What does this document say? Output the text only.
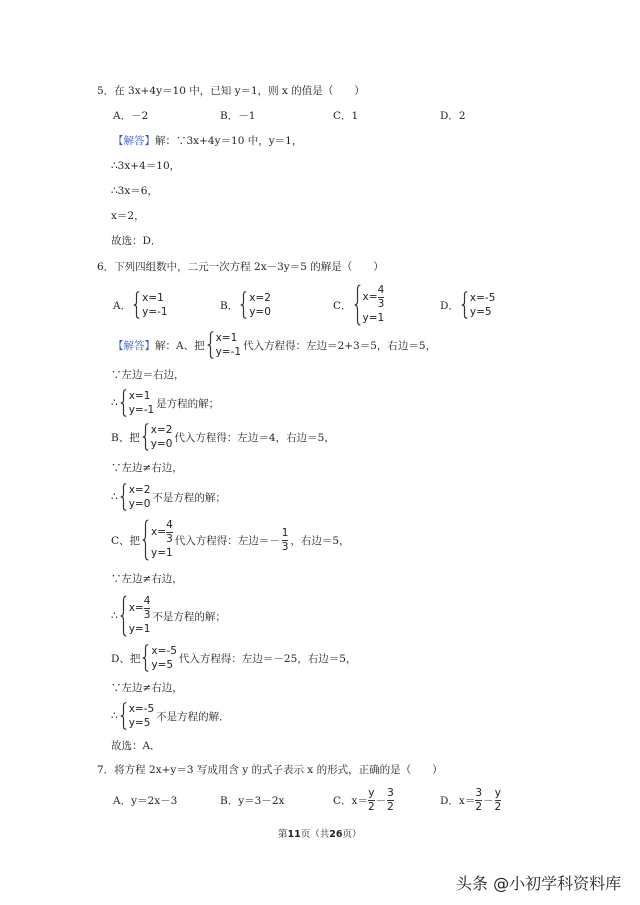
5．在 3x+4y＝10 中，已知 y＝1，则 x 的值是（　　）
A．－2	B．－1	C．1	D．2
【解答】 解：∵3x+4y＝10 中，y＝1，
∴3x+4＝10，
∴3x＝6，
x＝2，
故选：D．
6．下列四组数中，二元一次方程 2x－3y＝5 的解是（　　）
A．
x=1
y=-1
B．
x=2
y=0
C．
$x= \frac{4}{3}$
y=1
D．
x=-5
y=5
【解答】 解：A、把
x=1
y=-1
代入方程得：左边＝2+3＝5，右边＝5，
∵左边＝右边，
∴
x=1
y=-1
是方程的解；
B、把
x=2
y=0
代入方程得：左边＝4，右边＝5，
∵左边≠右边，
∴
x=2
y=0
不是方程的解；
C、把
$x= \frac{4}{3}$
y=1
代入方程得：左边＝－ $\frac{1}{3}$ ，右边＝5，
∵左边≠右边，
∴
$x= \frac{4}{3}$
y=1
不是方程的解；
D、把
x=-5
y=5
代入方程得：左边＝－25，右边＝5，
∵左边≠右边，
∴
x=-5
y=5
不是方程的解．
故选：A．
7．将方程 2x+y＝3 写成用含 y 的式子表示 x 的形式，正确的是（　　）
A．y＝2x－3	B．y＝3－2x	C．$x= \frac{y}{2} - \frac{3}{2}$	D．$x= \frac{3}{2} - \frac{y}{2}$
第11页（共26页）
头条 @小初学科资料库
